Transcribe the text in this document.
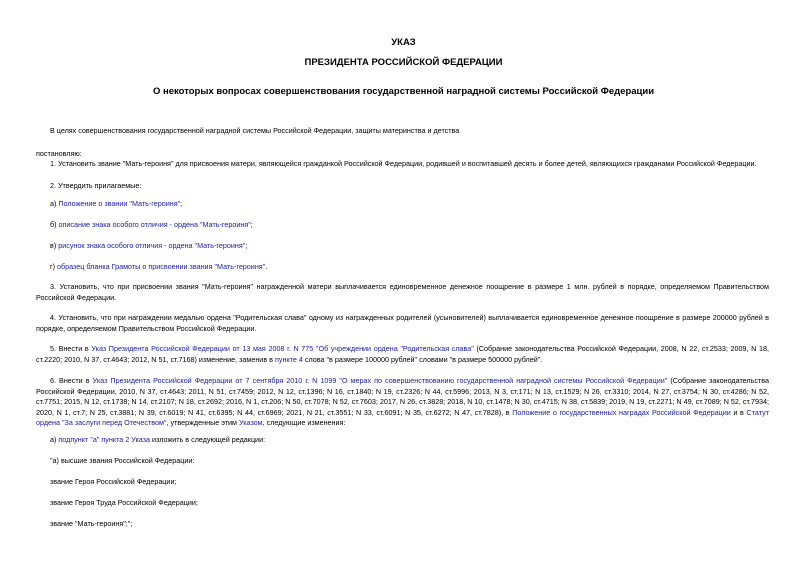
УКАЗ
ПРЕЗИДЕНТА РОССИЙСКОЙ ФЕДЕРАЦИИ
О некоторых вопросах совершенствования государственной наградной системы Российской Федерации
В целях совершенствования государственной наградной системы Российской Федерации, защиты материнства и детства
постановляю:
1. Установить звание "Мать-героиня" для присвоения матери, являющейся гражданкой Российской Федерации, родившей и воспитавшей десять и более детей, являющихся гражданами Российской Федерации.
2. Утвердить прилагаемые:
а) Положение о звании "Мать-героиня";
б) описание знака особого отличия - ордена "Мать-героиня";
в) рисунок знака особого отличия - ордена "Мать-героиня";
г) образец бланка Грамоты о присвоении звания "Мать-героиня".
3. Установить, что при присвоении звания "Мать-героиня" награжденной матери выплачивается единовременное денежное поощрение в размере 1 млн. рублей в порядке, определяемом Правительством Российской Федерации.
4. Установить, что при награждении медалью ордена "Родительская слава" одному из награжденных родителей (усыновителей) выплачивается единовременное денежное поощрение в размере 200000 рублей в порядке, определяемом Правительством Российской Федерации.
5. Внести в Указ Президента Российской Федерации от 13 мая 2008 г. N 775 "Об учреждении ордена "Родительская слава" (Собрание законодательства Российской Федерации, 2008, N 22, ст.2533; 2009, N 18, ст.2220; 2010, N 37, ст.4643; 2012, N 51, ст.7168) изменение, заменив в пункте 4 слова "в размере 100000 рублей" словами "в размере 500000 рублей".
6. Внести в Указ Президента Российской Федерации от 7 сентября 2010 г. N 1099 "О мерах по совершенствованию государственной наградной системы Российской Федерации" (Собрание законодательства Российской Федерации, 2010, N 37, ст.4643; 2011, N 51, ст.7459; 2012, N 12, ст.1396; N 16, ст.1840; N 19, ст.2326; N 44, ст.5996; 2013, N 3, ст.171; N 13, ст.1529; N 26, ст.3310; 2014, N 27, ст.3754; N 30, ст.4286; N 52, ст.7751; 2015, N 12, ст.1738; N 14, ст.2107; N 18, ст.2692; 2016, N 1, ст.206; N 50, ст.7078; N 52, ст.7603; 2017, N 26, ст.3828; 2018, N 10, ст.1478; N 30, ст.4715; N 38, ст.5839; 2019, N 19, ст.2271; N 49, ст.7089; N 52, ст.7934; 2020, N 1, ст.7; N 25, ст.3881; N 39, ст.6019; N 41, ст.6395; N 44, ст.6969; 2021, N 21, ст.3551; N 33, ст.6091; N 35, ст.6272; N 47, ст.7828), в Положение о государственных наградах Российской Федерации и в Статут ордена "За заслуги перед Отечеством", утвержденные этим Указом, следующие изменения:
а) подпункт "а" пункта 2 Указа изложить в следующей редакции:
"а) высшие звания Российской Федерации:
звание Героя Российской Федерации;
звание Героя Труда Российской Федерации;
звание "Мать-героиня";";
